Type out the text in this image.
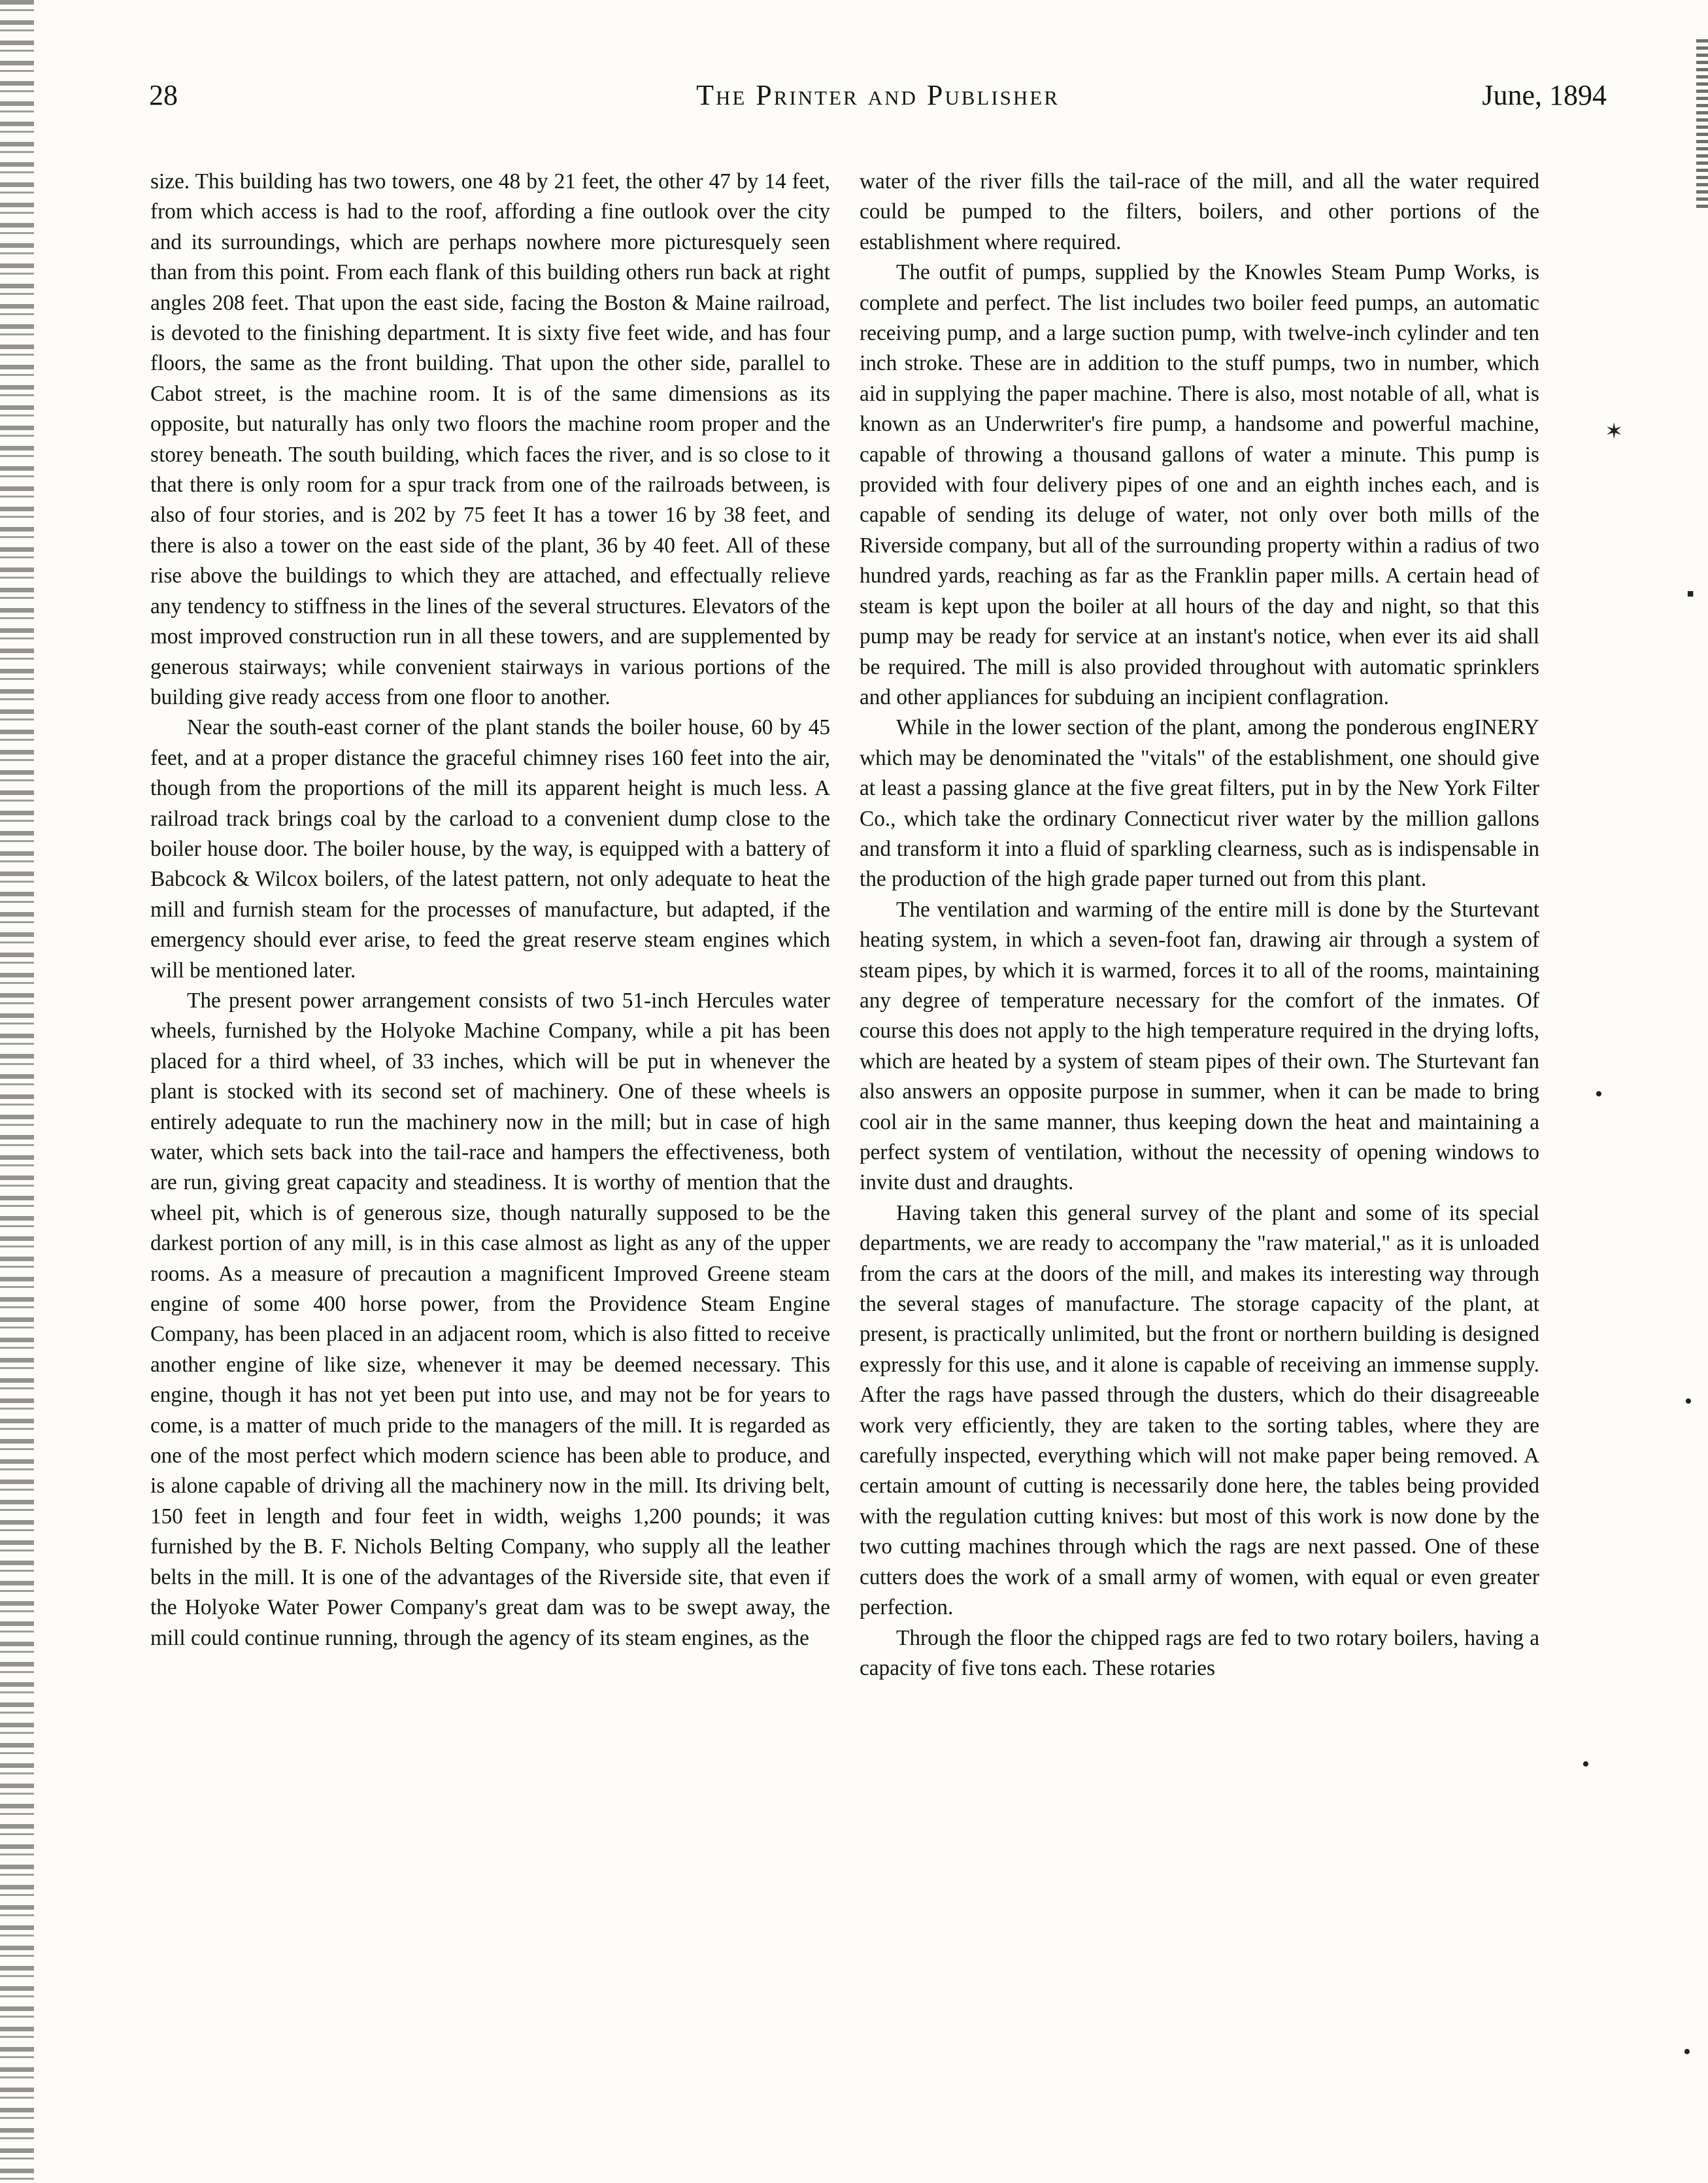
28	The Printer and Publisher	June, 1894

size. This building has two towers, one 48 by 21 feet, the other 47 by 14 feet, from which access is had to the roof, affording a fine outlook over the city and its surroundings, which are perhaps nowhere more picturesquely seen than from this point. From each flank of this building others run back at right angles 208 feet. That upon the east side, facing the Boston & Maine railroad, is devoted to the finishing department. It is sixty five feet wide, and has four floors, the same as the front building. That upon the other side, parallel to Cabot street, is the machine room. It is of the same dimensions as its opposite, but naturally has only two floors the machine room proper and the storey beneath. The south building, which faces the river, and is so close to it that there is only room for a spur track from one of the railroads between, is also of four stories, and is 202 by 75 feet It has a tower 16 by 38 feet, and there is also a tower on the east side of the plant, 36 by 40 feet. All of these rise above the buildings to which they are attached, and effectually relieve any tendency to stiffness in the lines of the several structures. Elevators of the most improved construction run in all these towers, and are supplemented by generous stairways; while convenient stairways in various portions of the building give ready access from one floor to another.

Near the south-east corner of the plant stands the boiler house, 60 by 45 feet, and at a proper distance the graceful chimney rises 160 feet into the air, though from the proportions of the mill its apparent height is much less. A railroad track brings coal by the carload to a convenient dump close to the boiler house door. The boiler house, by the way, is equipped with a battery of Babcock & Wilcox boilers, of the latest pattern, not only adequate to heat the mill and furnish steam for the processes of manufacture, but adapted, if the emergency should ever arise, to feed the great reserve steam engines which will be mentioned later.

The present power arrangement consists of two 51-inch Hercules water wheels, furnished by the Holyoke Machine Company, while a pit has been placed for a third wheel, of 33 inches, which will be put in whenever the plant is stocked with its second set of machinery. One of these wheels is entirely adequate to run the machinery now in the mill; but in case of high water, which sets back into the tail-race and hampers the effectiveness, both are run, giving great capacity and steadiness. It is worthy of mention that the wheel pit, which is of generous size, though naturally supposed to be the darkest portion of any mill, is in this case almost as light as any of the upper rooms. As a measure of precaution a magnificent Improved Greene steam engine of some 400 horse power, from the Providence Steam Engine Company, has been placed in an adjacent room, which is also fitted to receive another engine of like size, whenever it may be deemed necessary. This engine, though it has not yet been put into use, and may not be for years to come, is a matter of much pride to the managers of the mill. It is regarded as one of the most perfect which modern science has been able to produce, and is alone capable of driving all the machinery now in the mill. Its driving belt, 150 feet in length and four feet in width, weighs 1,200 pounds; it was furnished by the B. F. Nichols Belting Company, who supply all the leather belts in the mill. It is one of the advantages of the Riverside site, that even if the Holyoke Water Power Company's great dam was to be swept away, the mill could continue running, through the agency of its steam engines, as the

water of the river fills the tail-race of the mill, and all the water required could be pumped to the filters, boilers, and other portions of the establishment where required.

The outfit of pumps, supplied by the Knowles Steam Pump Works, is complete and perfect. The list includes two boiler feed pumps, an automatic receiving pump, and a large suction pump, with twelve-inch cylinder and ten inch stroke. These are in addition to the stuff pumps, two in number, which aid in supplying the paper machine. There is also, most notable of all, what is known as an Underwriter's fire pump, a handsome and powerful machine, capable of throwing a thousand gallons of water a minute. This pump is provided with four delivery pipes of one and an eighth inches each, and is capable of sending its deluge of water, not only over both mills of the Riverside company, but all of the surrounding property within a radius of two hundred yards, reaching as far as the Franklin paper mills. A certain head of steam is kept upon the boiler at all hours of the day and night, so that this pump may be ready for service at an instant's notice, when ever its aid shall be required. The mill is also provided throughout with automatic sprinklers and other appliances for subduing an incipient conflagration.

While in the lower section of the plant, among the ponderous engINERY which may be denominated the "vitals" of the establishment, one should give at least a passing glance at the five great filters, put in by the New York Filter Co., which take the ordinary Connecticut river water by the million gallons and transform it into a fluid of sparkling clearness, such as is indispensable in the production of the high grade paper turned out from this plant.

The ventilation and warming of the entire mill is done by the Sturtevant heating system, in which a seven-foot fan, drawing air through a system of steam pipes, by which it is warmed, forces it to all of the rooms, maintaining any degree of temperature necessary for the comfort of the inmates. Of course this does not apply to the high temperature required in the drying lofts, which are heated by a system of steam pipes of their own. The Sturtevant fan also answers an opposite purpose in summer, when it can be made to bring cool air in the same manner, thus keeping down the heat and maintaining a perfect system of ventilation, without the necessity of opening windows to invite dust and draughts.

Having taken this general survey of the plant and some of its special departments, we are ready to accompany the "raw material," as it is unloaded from the cars at the doors of the mill, and makes its interesting way through the several stages of manufacture. The storage capacity of the plant, at present, is practically unlimited, but the front or northern building is designed expressly for this use, and it alone is capable of receiving an immense supply. After the rags have passed through the dusters, which do their disagreeable work very efficiently, they are taken to the sorting tables, where they are carefully inspected, everything which will not make paper being removed. A certain amount of cutting is necessarily done here, the tables being provided with the regulation cutting knives: but most of this work is now done by the two cutting machines through which the rags are next passed. One of these cutters does the work of a small army of women, with equal or even greater perfection.

Through the floor the chipped rags are fed to two rotary boilers, having a capacity of five tons each. These rotaries

✶
▪
•
•
•
•
